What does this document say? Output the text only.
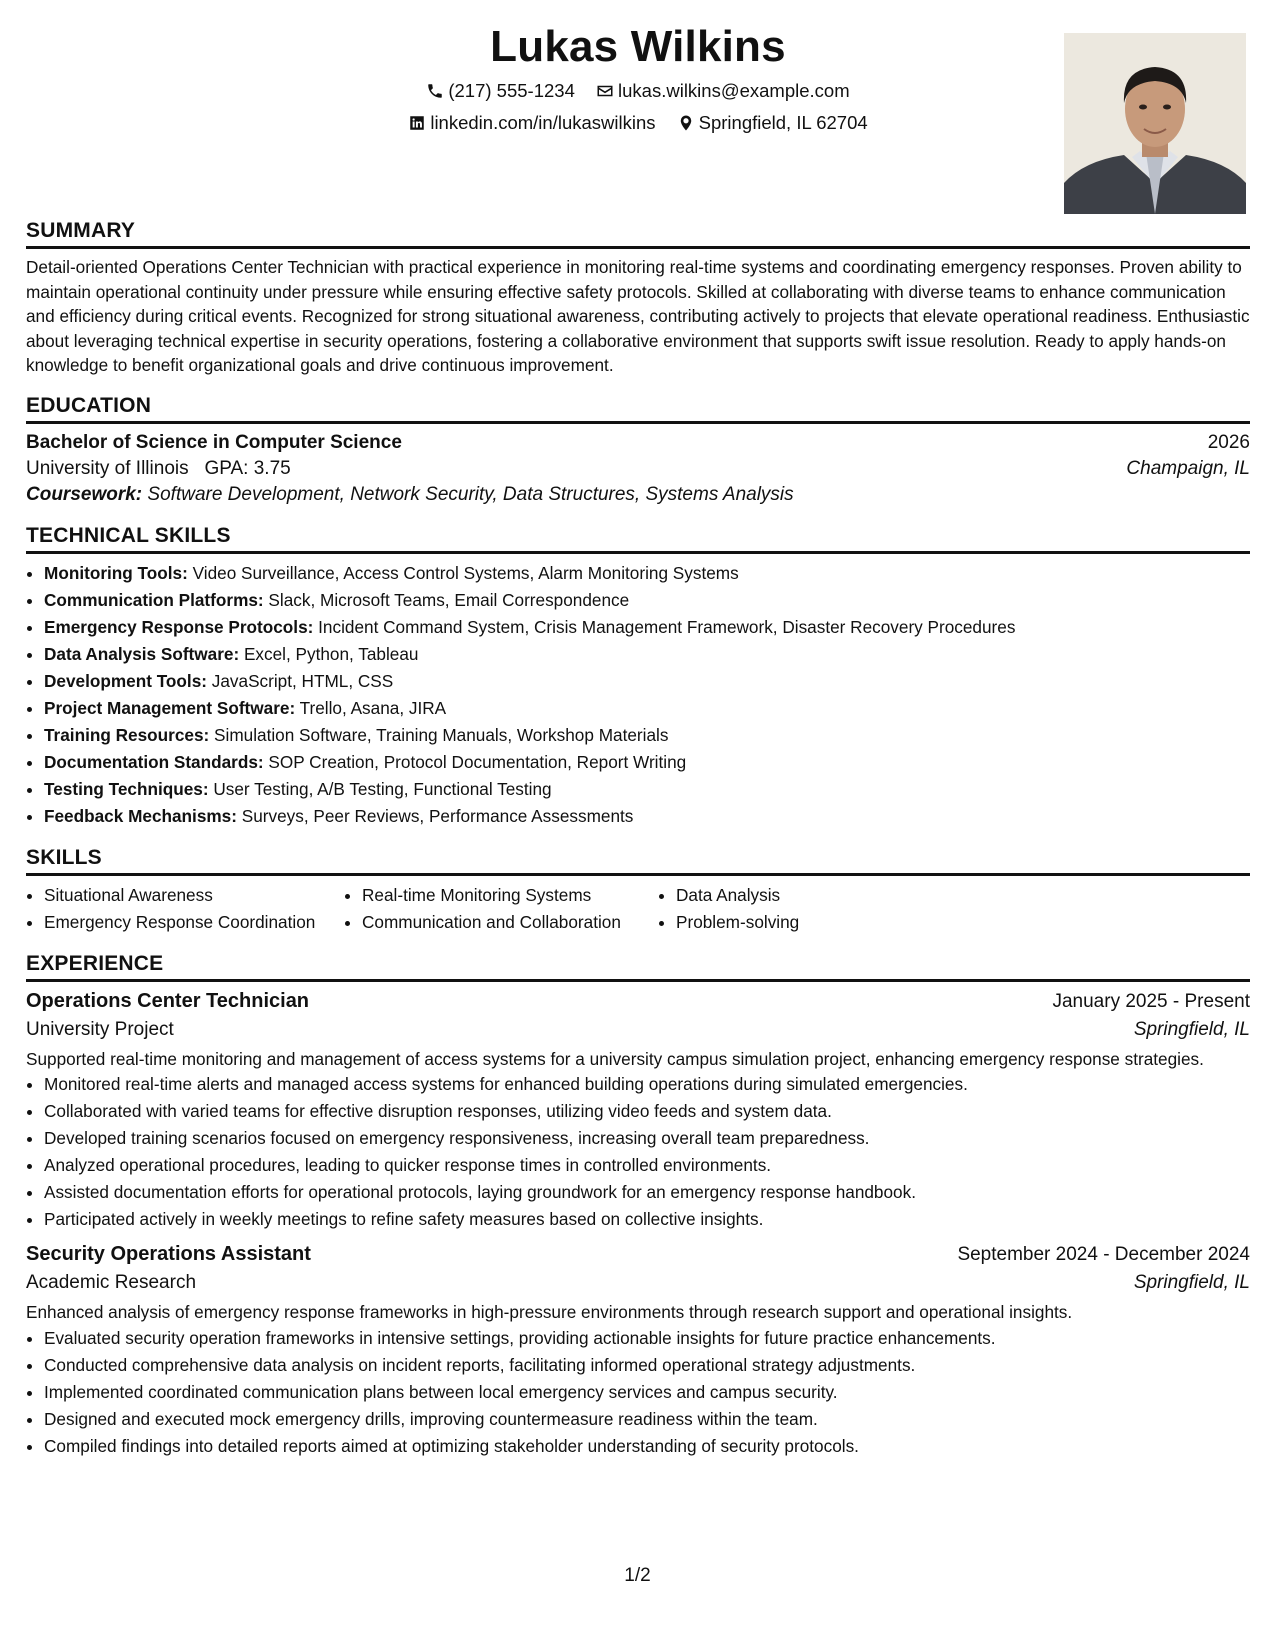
Lukas Wilkins
(217) 555-1234
lukas.wilkins@example.com
linkedin.com/in/lukaswilkins
Springfield, IL 62704
SUMMARY
Detail-oriented Operations Center Technician with practical experience in monitoring real-time systems and coordinating emergency responses. Proven ability to maintain operational continuity under pressure while ensuring effective safety protocols. Skilled at collaborating with diverse teams to enhance communication and efficiency during critical events. Recognized for strong situational awareness, contributing actively to projects that elevate operational readiness. Enthusiastic about leveraging technical expertise in security operations, fostering a collaborative environment that supports swift issue resolution. Ready to apply hands-on knowledge to benefit organizational goals and drive continuous improvement.
EDUCATION
Bachelor of Science in Computer Science	2026
University of Illinois GPA: 3.75	Champaign, IL
Coursework: Software Development, Network Security, Data Structures, Systems Analysis
TECHNICAL SKILLS
• Monitoring Tools: Video Surveillance, Access Control Systems, Alarm Monitoring Systems
• Communication Platforms: Slack, Microsoft Teams, Email Correspondence
• Emergency Response Protocols: Incident Command System, Crisis Management Framework, Disaster Recovery Procedures
• Data Analysis Software: Excel, Python, Tableau
• Development Tools: JavaScript, HTML, CSS
• Project Management Software: Trello, Asana, JIRA
• Training Resources: Simulation Software, Training Manuals, Workshop Materials
• Documentation Standards: SOP Creation, Protocol Documentation, Report Writing
• Testing Techniques: User Testing, A/B Testing, Functional Testing
• Feedback Mechanisms: Surveys, Peer Reviews, Performance Assessments
SKILLS
• Situational Awareness
• Emergency Response Coordination
• Real-time Monitoring Systems
• Communication and Collaboration
• Data Analysis
• Problem-solving
EXPERIENCE
Operations Center Technician	January 2025 - Present
University Project	Springfield, IL
Supported real-time monitoring and management of access systems for a university campus simulation project, enhancing emergency response strategies.
• Monitored real-time alerts and managed access systems for enhanced building operations during simulated emergencies.
• Collaborated with varied teams for effective disruption responses, utilizing video feeds and system data.
• Developed training scenarios focused on emergency responsiveness, increasing overall team preparedness.
• Analyzed operational procedures, leading to quicker response times in controlled environments.
• Assisted documentation efforts for operational protocols, laying groundwork for an emergency response handbook.
• Participated actively in weekly meetings to refine safety measures based on collective insights.
Security Operations Assistant	September 2024 - December 2024
Academic Research	Springfield, IL
Enhanced analysis of emergency response frameworks in high-pressure environments through research support and operational insights.
• Evaluated security operation frameworks in intensive settings, providing actionable insights for future practice enhancements.
• Conducted comprehensive data analysis on incident reports, facilitating informed operational strategy adjustments.
• Implemented coordinated communication plans between local emergency services and campus security.
• Designed and executed mock emergency drills, improving countermeasure readiness within the team.
• Compiled findings into detailed reports aimed at optimizing stakeholder understanding of security protocols.
1/2
